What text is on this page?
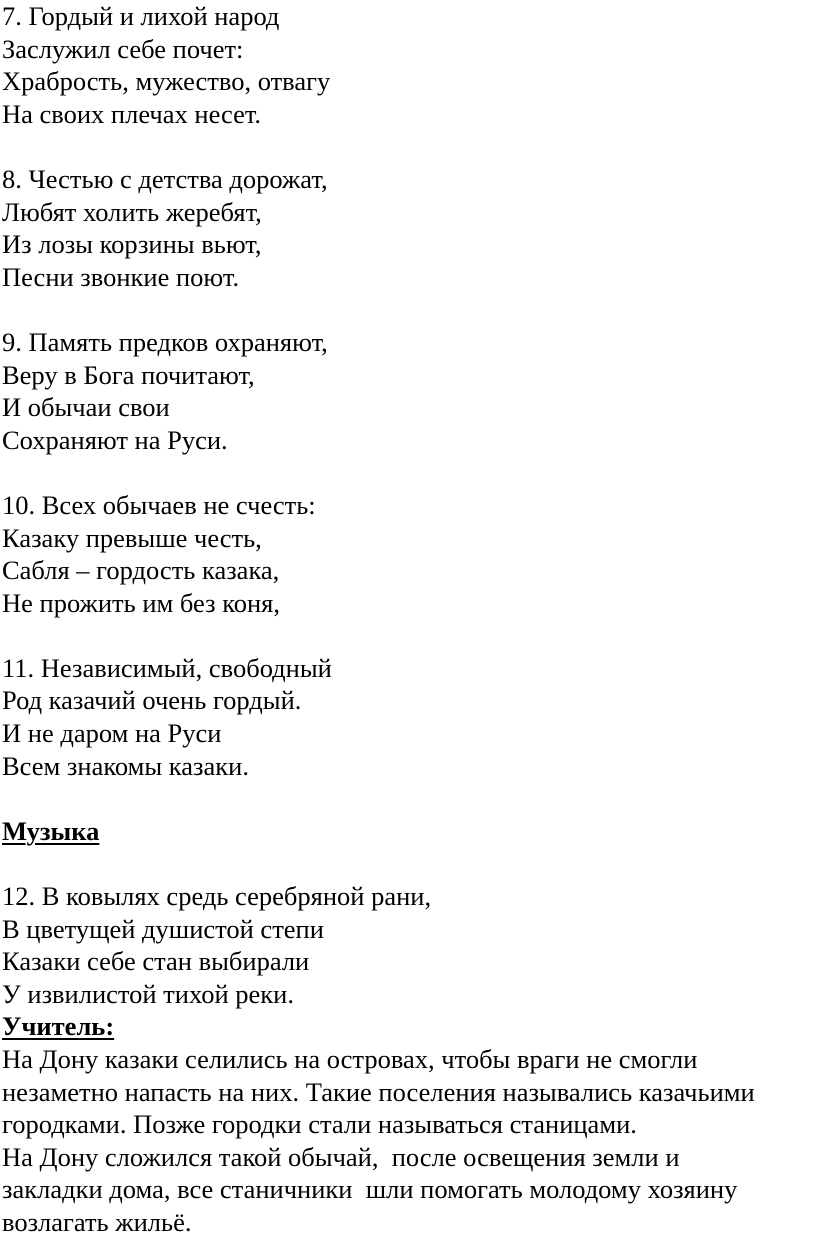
7. Гордый и лихой народ
Заслужил себе почет:
Храбрость, мужество, отвагу
На своих плечах несет.
8. Честью с детства дорожат,
Любят холить жеребят,
Из лозы корзины вьют,
Песни звонкие поют.
9. Память предков охраняют,
Веру в Бога почитают,
И обычаи свои
Сохраняют на Руси.
10. Всех обычаев не счесть:
Казаку превыше честь,
Сабля – гордость казака,
Не прожить им без коня,
11. Независимый, свободный
Род казачий очень гордый.
И не даром на Руси
Всем знакомы казаки.
Музыка
12. В ковылях средь серебряной рани,
В цветущей душистой степи
Казаки себе стан выбирали
У извилистой тихой реки.
Учитель:
На Дону казаки селились на островах, чтобы враги не смогли
незаметно напасть на них. Такие поселения назывались казачьими
городками. Позже городки стали называться станицами.
На Дону сложился такой обычай,  после освещения земли и
закладки дома, все станичники  шли помогать молодому хозяину
возлагать жильё.
